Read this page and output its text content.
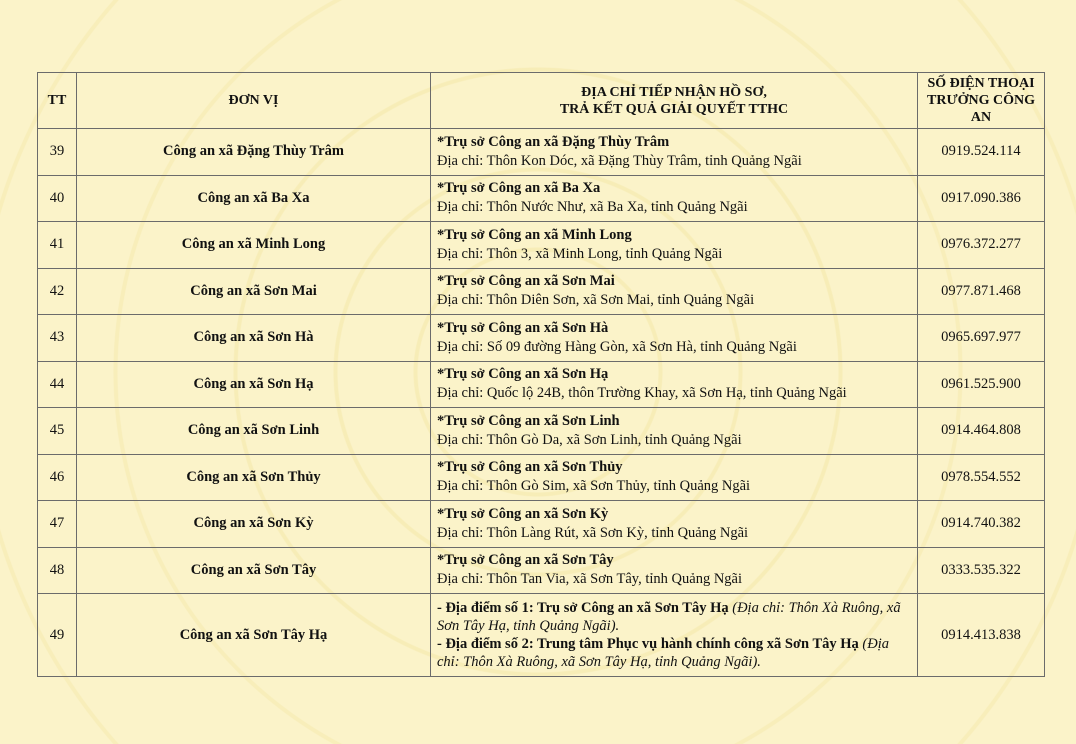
TT	ĐƠN VỊ	ĐỊA CHỈ TIẾP NHẬN HỒ SƠ,
TRẢ KẾT QUẢ GIẢI QUYẾT TTHC	SỐ ĐIỆN THOẠI
TRƯỞNG CÔNG AN

39	Công an xã Đặng Thùy Trâm	*Trụ sở Công an xã Đặng Thùy Trâm
Địa chỉ: Thôn Kon Dóc, xã Đặng Thùy Trâm, tỉnh Quảng Ngãi	0919.524.114
40	Công an xã Ba Xa	*Trụ sở Công an xã Ba Xa
Địa chỉ: Thôn Nước Như, xã Ba Xa, tỉnh Quảng Ngãi	0917.090.386
41	Công an xã Minh Long	*Trụ sở Công an xã Minh Long
Địa chỉ: Thôn 3, xã Minh Long, tỉnh Quảng Ngãi	0976.372.277
42	Công an xã Sơn Mai	*Trụ sở Công an xã Sơn Mai
Địa chỉ: Thôn Diên Sơn, xã Sơn Mai, tỉnh Quảng Ngãi	0977.871.468
43	Công an xã Sơn Hà	*Trụ sở Công an xã Sơn Hà
Địa chỉ: Số 09 đường Hàng Gòn, xã Sơn Hà, tỉnh Quảng Ngãi	0965.697.977
44	Công an xã Sơn Hạ	*Trụ sở Công an xã Sơn Hạ
Địa chỉ: Quốc lộ 24B, thôn Trường Khay, xã Sơn Hạ, tỉnh Quảng Ngãi	0961.525.900
45	Công an xã Sơn Linh	*Trụ sở Công an xã Sơn Linh
Địa chỉ: Thôn Gò Da, xã Sơn Linh, tỉnh Quảng Ngãi	0914.464.808
46	Công an xã Sơn Thủy	*Trụ sở Công an xã Sơn Thủy
Địa chỉ: Thôn Gò Sim, xã Sơn Thủy, tỉnh Quảng Ngãi	0978.554.552
47	Công an xã Sơn Kỳ	*Trụ sở Công an xã Sơn Kỳ
Địa chỉ: Thôn Làng Rút, xã Sơn Kỳ, tỉnh Quảng Ngãi	0914.740.382
48	Công an xã Sơn Tây	*Trụ sở Công an xã Sơn Tây
Địa chỉ: Thôn Tan Via, xã Sơn Tây, tỉnh Quảng Ngãi	0333.535.322
49	Công an xã Sơn Tây Hạ	- Địa điểm số 1: Trụ sở Công an xã Sơn Tây Hạ (Địa chỉ: Thôn Xà Ruông, xã Sơn Tây Hạ, tỉnh Quảng Ngãi).
- Địa điểm số 2: Trung tâm Phục vụ hành chính công xã Sơn Tây Hạ (Địa chỉ: Thôn Xà Ruông, xã Sơn Tây Hạ, tỉnh Quảng Ngãi).	0914.413.838
